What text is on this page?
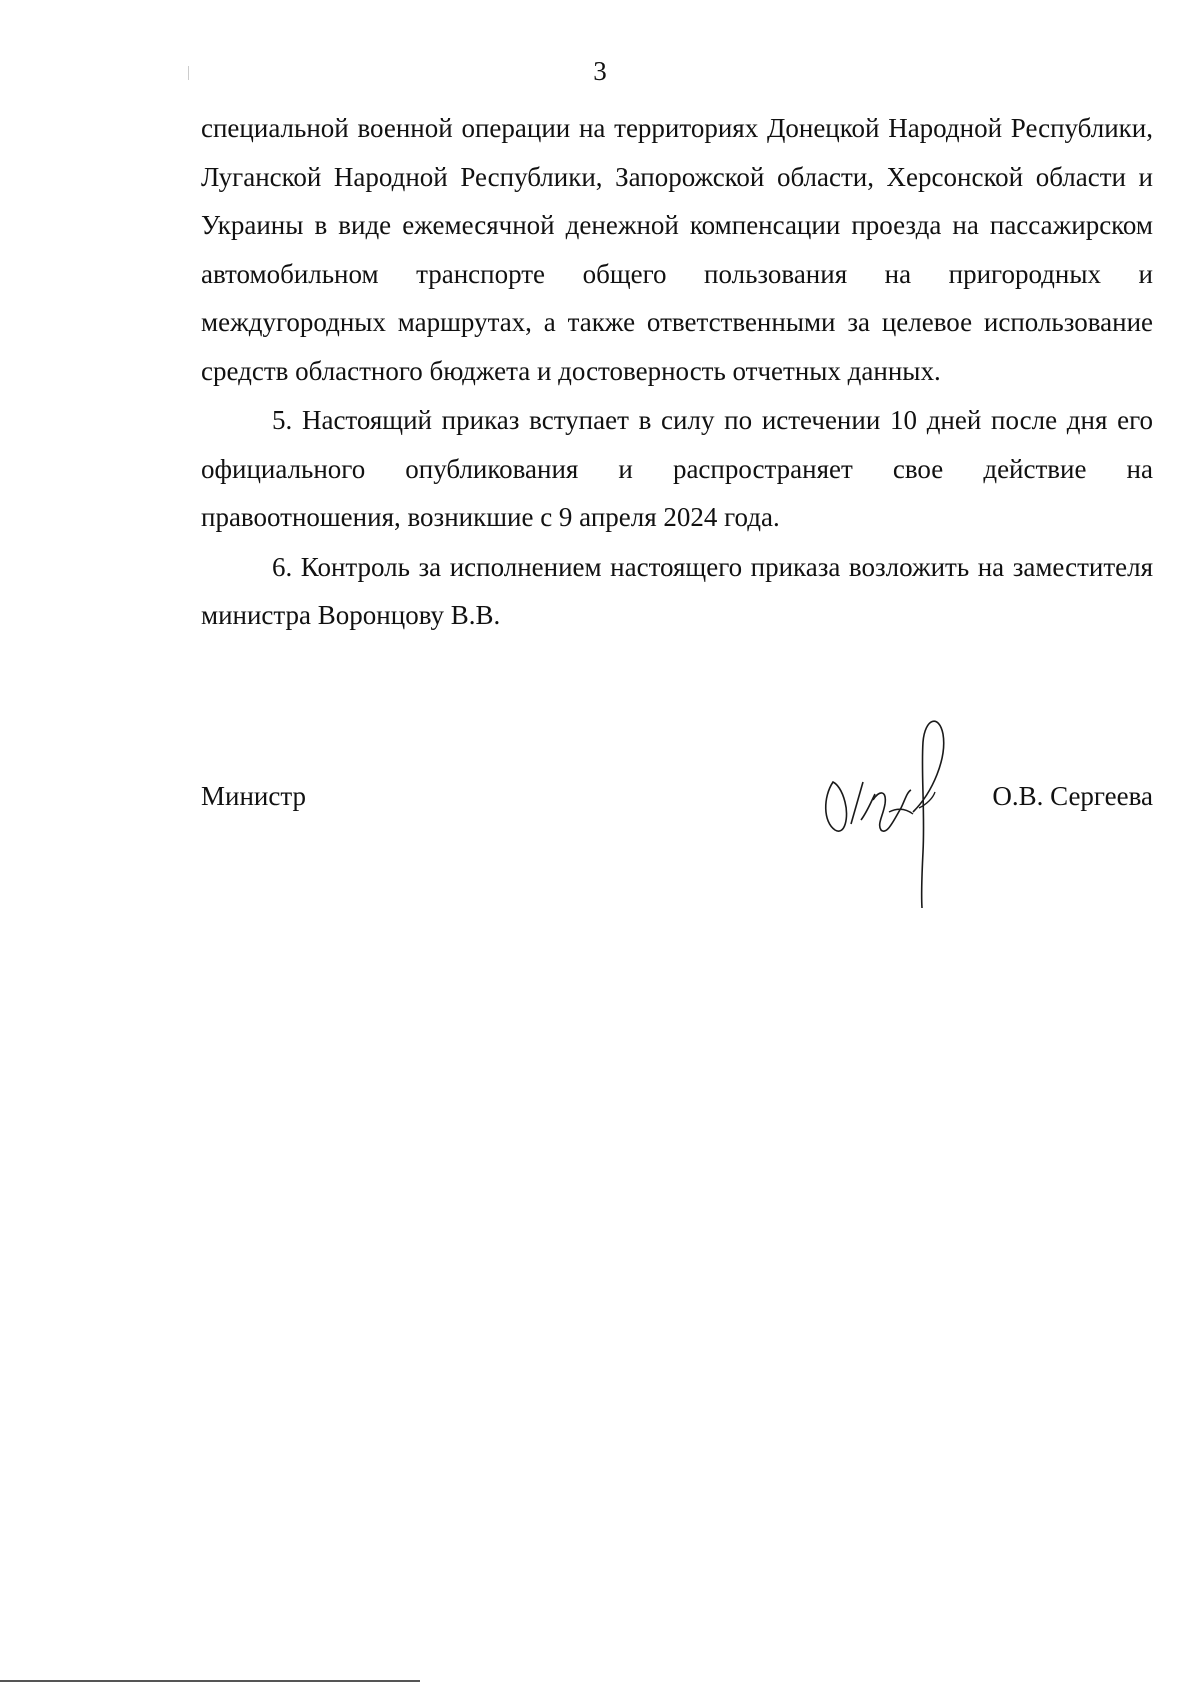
3

специальной военной операции на территориях Донецкой Народной Республики, Луганской Народной Республики, Запорожской области, Херсонской области и Украины в виде ежемесячной денежной компенсации проезда на пассажирском автомобильном транспорте общего пользования на пригородных и междугородных маршрутах, а также ответственными за целевое использование средств областного бюджета и достоверность отчетных данных.

5. Настоящий приказ вступает в силу по истечении 10 дней после дня его официального опубликования и распространяет свое действие на правоотношения, возникшие с 9 апреля 2024 года.

6. Контроль за исполнением настоящего приказа возложить на заместителя министра Воронцову В.В.

Министр	О.В. Сергеева
